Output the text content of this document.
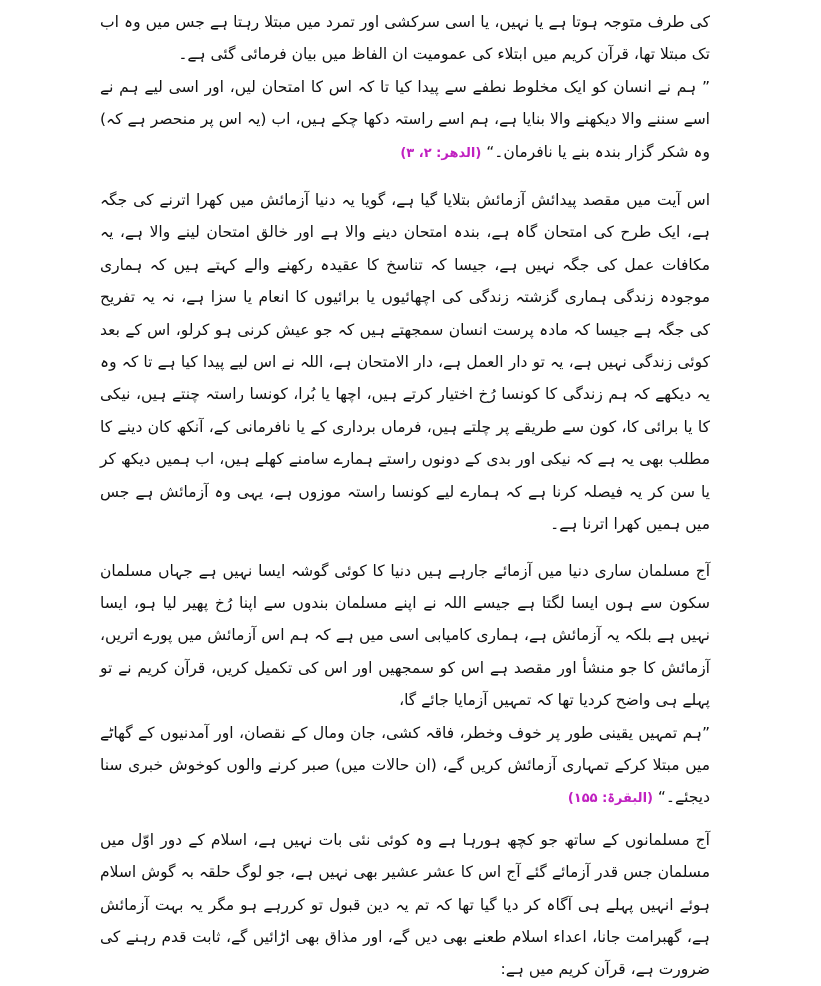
کی طرف متوجہ ہوتا ہے یا نہیں، یا اسی سرکشی اور تمرد میں مبتلا رہتا ہے جس میں وہ اب تک مبتلا تھا، قرآن کریم میں ابتلاء کی عمومیت ان الفاظ میں بیان فرمائی گئی ہے۔

” ہم نے انسان کو ایک مخلوط نطفے سے پیدا کیا تا کہ اس کا امتحان لیں، اور اسی لیے ہم نے اسے سننے والا دیکھنے والا بنایا ہے، ہم اسے راستہ دکھا چکے ہیں، اب (یہ اس پر منحصر ہے کہ) وہ شکر گزار بندہ بنے یا نافرمان۔“ (الدھر: ۲، ۳)

اس آیت میں مقصد پیدائش آزمائش بتلایا گیا ہے، گویا یہ دنیا آزمائش میں کھرا اترنے کی جگہ ہے، ایک طرح کی امتحان گاہ ہے، بندہ امتحان دینے والا ہے اور خالق امتحان لینے والا ہے، یہ مکافات عمل کی جگہ نہیں ہے، جیسا کہ تناسخ کا عقیدہ رکھنے والے کہتے ہیں کہ ہماری موجودہ زندگی ہماری گزشتہ زندگی کی اچھائیوں یا برائیوں کا انعام یا سزا ہے، نہ یہ تفریح کی جگہ ہے جیسا کہ مادہ پرست انسان سمجھتے ہیں کہ جو عیش کرنی ہو کرلو، اس کے بعد کوئی زندگی نہیں ہے، یہ تو دار العمل ہے، دار الامتحان ہے، اللہ نے اس لیے پیدا کیا ہے تا کہ وہ یہ دیکھے کہ ہم زندگی کا کونسا رُخ اختیار کرتے ہیں، اچھا یا بُرا، کونسا راستہ چنتے ہیں، نیکی کا یا برائی کا، کون سے طریقے پر چلتے ہیں، فرماں برداری کے یا نافرمانی کے، آنکھ کان دینے کا مطلب بھی یہ ہے کہ نیکی اور بدی کے دونوں راستے ہمارے سامنے کھلے ہیں، اب ہمیں دیکھ کر یا سن کر یہ فیصلہ کرنا ہے کہ ہمارے لیے کونسا راستہ موزوں ہے، یہی وہ آزمائش ہے جس میں ہمیں کھرا اترنا ہے۔

آج مسلمان ساری دنیا میں آزمائے جارہے ہیں دنیا کا کوئی گوشہ ایسا نہیں ہے جہاں مسلمان سکون سے ہوں ایسا لگتا ہے جیسے اللہ نے اپنے مسلمان بندوں سے اپنا رُخ پھیر لیا ہو، ایسا نہیں ہے بلکہ یہ آزمائش ہے، ہماری کامیابی اسی میں ہے کہ ہم اس آزمائش میں پورے اتریں، آزمائش کا جو منشأ اور مقصد ہے اس کو سمجھیں اور اس کی تکمیل کریں، قرآن کریم نے تو پہلے ہی واضح کردیا تھا کہ تمہیں آزمایا جائے گا،

”ہم تمہیں یقینی طور پر خوف وخطر، فاقہ کشی، جان ومال کے نقصان، اور آمدنیوں کے گھاٹے میں مبتلا کرکے تمہاری آزمائش کریں گے، (ان حالات میں) صبر کرنے والوں کوخوش خبری سنا دیجئے۔“ (البقرۃ: ۱۵۵)

آج مسلمانوں کے ساتھ جو کچھ ہورہا ہے وہ کوئی نئی بات نہیں ہے، اسلام کے دور اوّل میں مسلمان جس قدر آزمائے گئے آج اس کا عشر عشیر بھی نہیں ہے، جو لوگ حلقہ بہ گوش اسلام ہوئے انہیں پہلے ہی آگاہ کر دیا گیا تھا کہ تم یہ دین قبول تو کررہے ہو مگر یہ بہت آزمائش ہے، گھبرامت جانا، اعداء اسلام طعنے بھی دیں گے، اور مذاق بھی اڑائیں گے، ثابت قدم رہنے کی ضرورت ہے، قرآن کریم میں ہے:
